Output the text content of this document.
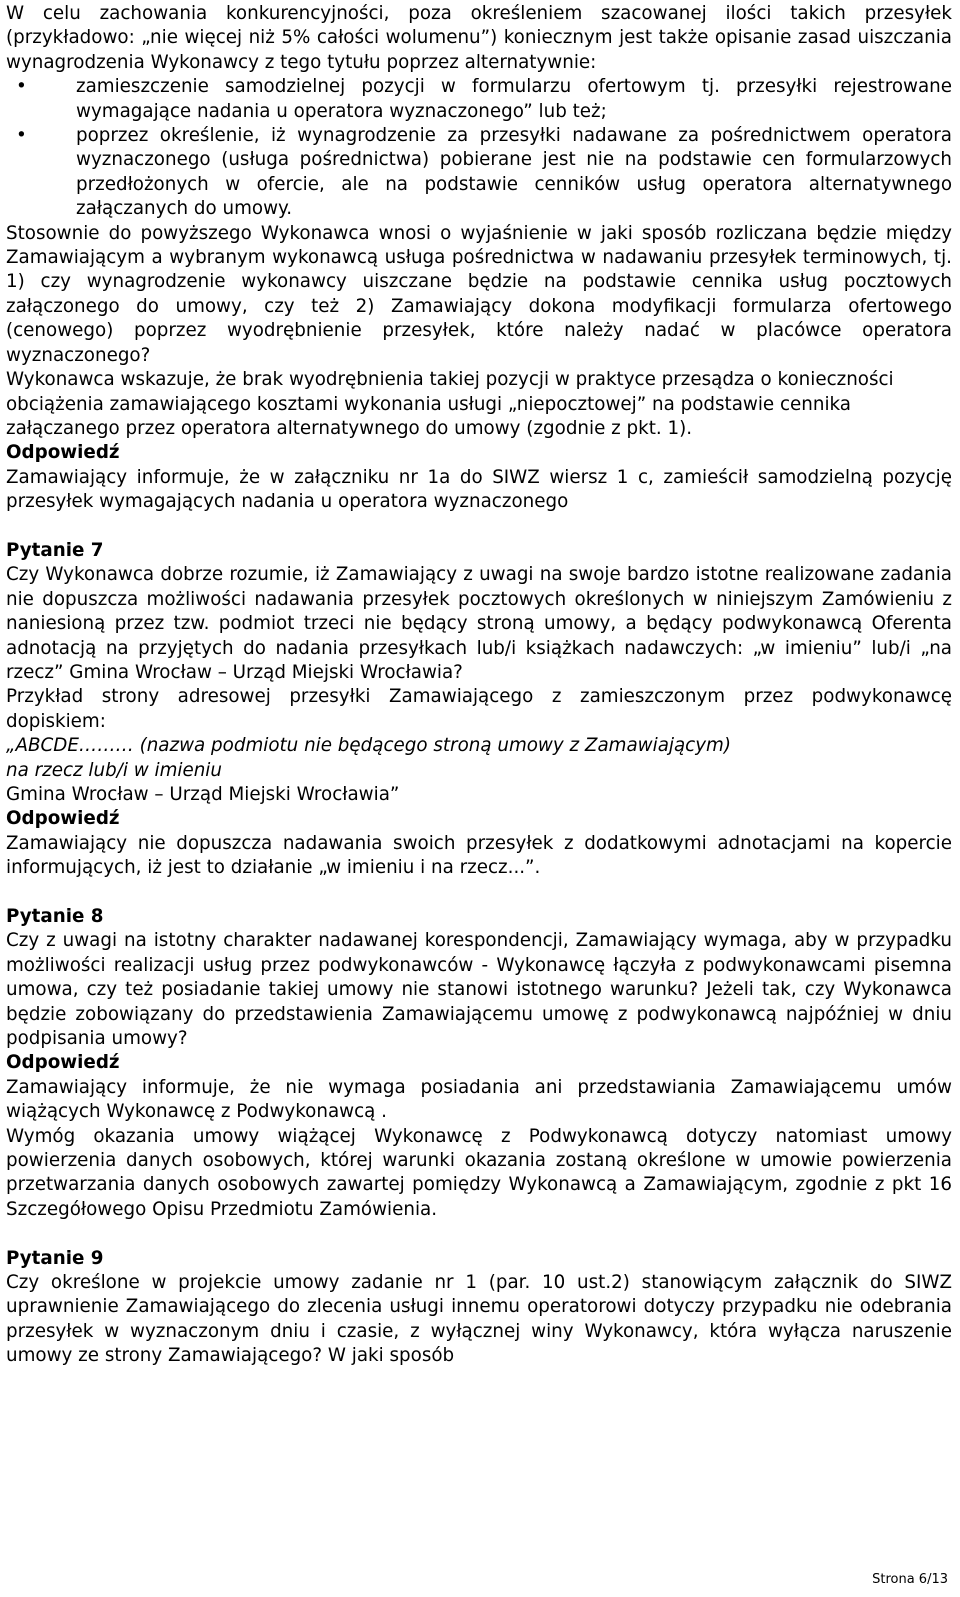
W celu zachowania konkurencyjności, poza określeniem szacowanej ilości takich przesyłek (przykładowo: „nie więcej niż 5% całości wolumenu”) koniecznym jest także opisanie zasad uiszczania wynagrodzenia Wykonawcy z tego tytułu poprzez alternatywnie:

•	zamieszczenie samodzielnej pozycji w formularzu ofertowym tj. przesyłki rejestrowane wymagające nadania u operatora wyznaczonego” lub też;
•	poprzez określenie, iż wynagrodzenie za przesyłki nadawane za pośrednictwem operatora wyznaczonego (usługa pośrednictwa) pobierane jest nie na podstawie cen formularzowych przedłożonych w ofercie, ale na podstawie cenników usług operatora alternatywnego załączanych do umowy.

Stosownie do powyższego Wykonawca wnosi o wyjaśnienie w jaki sposób rozliczana będzie między Zamawiającym a wybranym wykonawcą usługa pośrednictwa w nadawaniu przesyłek terminowych, tj. 1) czy wynagrodzenie wykonawcy uiszczane będzie na podstawie cennika usług pocztowych załączonego do umowy, czy też 2) Zamawiający dokona modyfikacji formularza ofertowego (cenowego) poprzez wyodrębnienie przesyłek, które należy nadać w placówce operatora wyznaczonego?

Wykonawca wskazuje, że brak wyodrębnienia takiej pozycji w praktyce przesądza o konieczności obciążenia zamawiającego kosztami wykonania usługi „niepocztowej” na podstawie cennika załączanego przez operatora alternatywnego do umowy (zgodnie z pkt. 1).

Odpowiedź

Zamawiający informuje, że w załączniku nr 1a do SIWZ wiersz 1 c, zamieścił samodzielną pozycję przesyłek wymagających nadania u operatora wyznaczonego

Pytanie 7

Czy Wykonawca dobrze rozumie, iż Zamawiający z uwagi na swoje bardzo istotne realizowane zadania nie dopuszcza możliwości nadawania przesyłek pocztowych określonych w niniejszym Zamówieniu z naniesioną przez tzw. podmiot trzeci nie będący stroną umowy, a będący podwykonawcą Oferenta adnotacją na przyjętych do nadania przesyłkach lub/i książkach nadawczych: „w imieniu” lub/i „na rzecz” Gmina Wrocław – Urząd Miejski Wrocławia?

Przykład strony adresowej przesyłki Zamawiającego z zamieszczonym przez podwykonawcę dopiskiem:

„ABCDE……… (nazwa podmiotu nie będącego stroną umowy z Zamawiającym)

na rzecz lub/i w imieniu

Gmina Wrocław – Urząd Miejski Wrocławia”

Odpowiedź

Zamawiający nie dopuszcza nadawania swoich przesyłek z dodatkowymi adnotacjami na kopercie informujących, iż jest to działanie „w imieniu i na rzecz...”.

Pytanie 8

Czy z uwagi na istotny charakter nadawanej korespondencji, Zamawiający wymaga, aby w przypadku możliwości realizacji usług przez podwykonawców - Wykonawcę łączyła z podwykonawcami pisemna umowa, czy też posiadanie takiej umowy nie stanowi istotnego warunku? Jeżeli tak, czy Wykonawca będzie zobowiązany do przedstawienia Zamawiającemu umowę z podwykonawcą najpóźniej w dniu podpisania umowy?

Odpowiedź

Zamawiający informuje, że nie wymaga posiadania ani przedstawiania Zamawiającemu umów wiążących Wykonawcę z Podwykonawcą .

Wymóg okazania umowy wiążącej Wykonawcę z Podwykonawcą dotyczy natomiast umowy powierzenia danych osobowych, której warunki okazania zostaną określone w umowie powierzenia przetwarzania danych osobowych zawartej pomiędzy Wykonawcą a Zamawiającym, zgodnie z pkt 16 Szczegółowego Opisu Przedmiotu Zamówienia.

Pytanie 9

Czy określone w projekcie umowy zadanie nr 1 (par. 10 ust.2) stanowiącym załącznik do SIWZ uprawnienie Zamawiającego do zlecenia usługi innemu operatorowi dotyczy przypadku nie odebrania przesyłek w wyznaczonym dniu i czasie, z wyłącznej winy Wykonawcy, która wyłącza naruszenie umowy ze strony Zamawiającego? W jaki sposób

Strona 6/13
